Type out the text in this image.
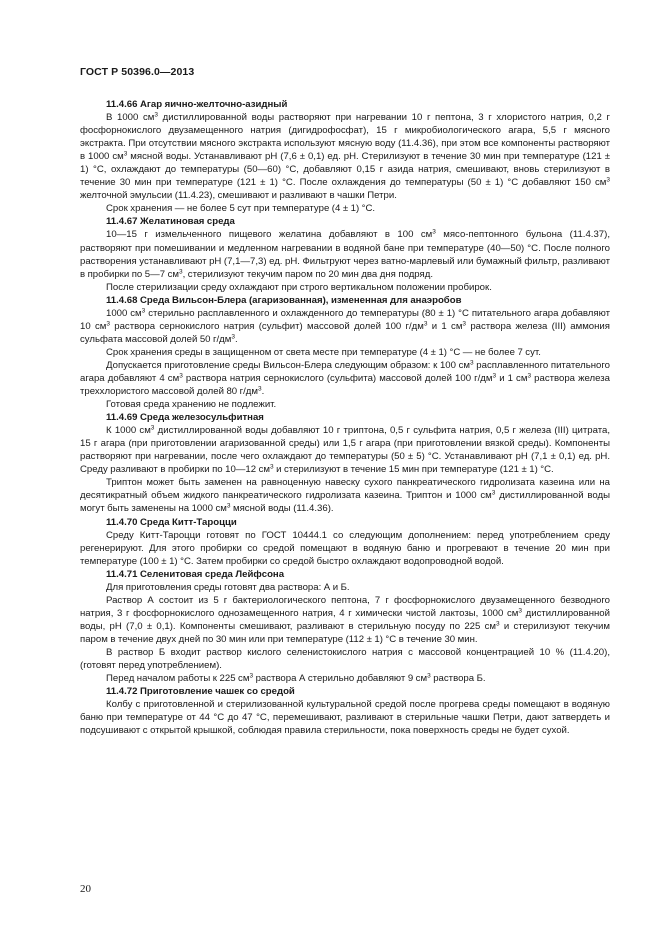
ГОСТ Р 50396.0—2013

11.4.66 Агар яично-желточно-азидный

В 1000 $см^3$ дистиллированной воды растворяют при нагревании 10 г пептона, 3 г хлористого натрия, 0,2 г фосфорнокислого двузамещенного натрия (дигидрофосфат), 15 г микробиологического агара, 5,5 г мясного экстракта. При отсутствии мясного экстракта используют мясную воду (11.4.36), при этом все компоненты растворяют в 1000 $см^3$ мясной воды. Устанавливают рН (7,6 ± 0,1) ед. рН. Стерилизуют в течение 30 мин при температуре (121 ± 1) °С, охлаждают до температуры (50—60) °С, добавляют 0,15 г азида натрия, смешивают, вновь стерилизуют в течение 30 мин при температуре (121 ± 1) °С. После охлаждения до температуры (50 ± 1) °С добавляют 150 $см^3$ желточной эмульсии (11.4.23), смешивают и разливают в чашки Петри.

Срок хранения — не более 5 сут при температуре (4 ± 1) °С.

11.4.67 Желатиновая среда

10—15 г измельченного пищевого желатина добавляют в 100 $см^3$ мясо-пептонного бульона (11.4.37), растворяют при помешивании и медленном нагревании в водяной бане при температуре (40—50) °С. После полного растворения устанавливают рН (7,1—7,3) ед. рН. Фильтруют через ватно-марлевый или бумажный фильтр, разливают в пробирки по 5—7 $см^3$, стерилизуют текучим паром по 20 мин два дня подряд.

После стерилизации среду охлаждают при строго вертикальном положении пробирок.

11.4.68 Среда Вильсон-Блера (агаризованная), измененная для анаэробов

1000 $см^3$ стерильно расплавленного и охлажденного до температуры (80 ± 1) °С питательного агара добавляют 10 $см^3$ раствора сернокислого натрия (сульфит) массовой долей 100 $г/дм^3$ и 1 $см^3$ раствора железа (III) аммония сульфата массовой долей 50 $г/дм^3$.

Срок хранения среды в защищенном от света месте при температуре (4 ± 1) °С — не более 7 сут.

Допускается приготовление среды Вильсон-Блера следующим образом: к 100 $см^3$ расплавленного питательного агара добавляют 4 $см^3$ раствора натрия сернокислого (сульфита) массовой долей 100 $г/дм^3$ и 1 $см^3$ раствора железа треххлористого массовой долей 80 $г/дм^3$.

Готовая среда хранению не подлежит.

11.4.69 Среда железосульфитная

К 1000 $см^3$ дистиллированной воды добавляют 10 г триптона, 0,5 г сульфита натрия, 0,5 г железа (III) цитрата, 15 г агара (при приготовлении агаризованной среды) или 1,5 г агара (при приготовлении вязкой среды). Компоненты растворяют при нагревании, после чего охлаждают до температуры (50 ± 5) °С. Устанавливают рН (7,1 ± 0,1) ед. рН. Среду разливают в пробирки по 10—12 $см^3$ и стерилизуют в течение 15 мин при температуре (121 ± 1) °С.

Триптон может быть заменен на равноценную навеску сухого панкреатического гидролизата казеина или на десятикратный объем жидкого панкреатического гидролизата казеина. Триптон и 1000 $см^3$ дистиллированной воды могут быть заменены на 1000 $см^3$ мясной воды (11.4.36).

11.4.70 Среда Китт-Тароцци

Среду Китт-Тароцци готовят по ГОСТ 10444.1 со следующим дополнением: перед употреблением среду регенерируют. Для этого пробирки со средой помещают в водяную баню и прогревают в течение 20 мин при температуре (100 ± 1) °С. Затем пробирки со средой быстро охлаждают водопроводной водой.

11.4.71 Селенитовая среда Лейфсона

Для приготовления среды готовят два раствора: А и Б.

Раствор А состоит из 5 г бактериологического пептона, 7 г фосфорнокислого двузамещенного безводного натрия, 3 г фосфорнокислого однозамещенного натрия, 4 г химически чистой лактозы, 1000 $см^3$ дистиллированной воды, рН (7,0 ± 0,1). Компоненты смешивают, разливают в стерильную посуду по 225 $см^3$ и стерилизуют текучим паром в течение двух дней по 30 мин или при температуре (112 ± 1) °С в течение 30 мин.

В раствор Б входит раствор кислого селенистокислого натрия с массовой концентрацией 10 % (11.4.20), (готовят перед употреблением).

Перед началом работы к 225 $см^3$ раствора А стерильно добавляют 9 $см^3$ раствора Б.

11.4.72 Приготовление чашек со средой

Колбу с приготовленной и стерилизованной культуральной средой после прогрева среды помещают в водяную баню при температуре от 44 °С до 47 °С, перемешивают, разливают в стерильные чашки Петри, дают затвердеть и подсушивают с открытой крышкой, соблюдая правила стерильности, пока поверхность среды не будет сухой.

20
